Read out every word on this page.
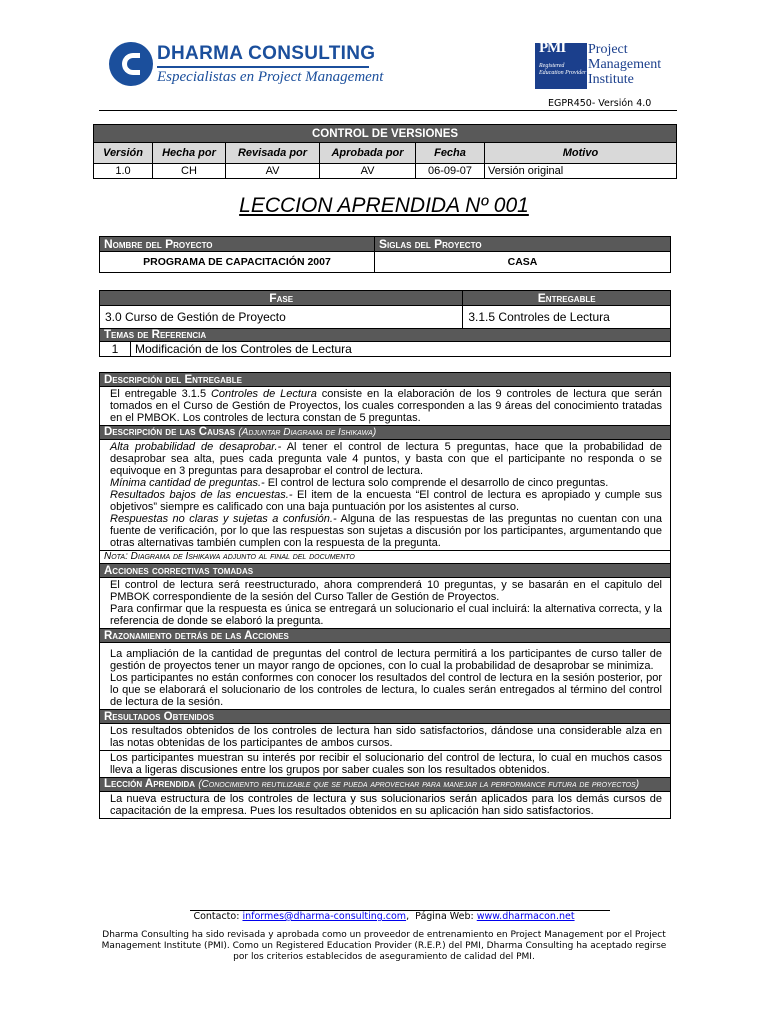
DHARMA CONSULTING
Especialistas en Project Management
PMI
Registered Education Provider
Project
Management
Institute
EGPR450- Versión 4.0
CONTROL DE VERSIONES					
Versión	Hecha por	Revisada por	Aprobada por	Fecha	Motivo
1.0	CH	AV	AV	06-09-07	Versión original
LECCION APRENDIDA Nº 001
Nombre del Proyecto	Siglas del Proyecto
PROGRAMA DE CAPACITACIÓN 2007	CASA
Fase		Entregable
3.0 Curso de Gestión de Proyecto		3.1.5 Controles de Lectura
Temas de Referencia		
1	Modificación de los Controles de Lectura	
Descripción del Entregable
El entregable 3.1.5 Controles de Lectura consiste en la elaboración de los 9 controles de lectura que serán tomados en el Curso de Gestión de Proyectos, los cuales corresponden a las 9 áreas del conocimiento tratadas en el PMBOK. Los controles de lectura constan de 5 preguntas.
Descripción de las Causas (Adjuntar Diagrama de Ishikawa)

Alta probabilidad de desaprobar.- Al tener el control de lectura 5 preguntas, hace que la probabilidad de desaprobar sea alta, pues cada pregunta vale 4 puntos, y basta con que el participante no responda o se equivoque en 3 preguntas para desaprobar el control de lectura.
Mínima cantidad de preguntas.- El control de lectura solo comprende el desarrollo de cinco preguntas.
Resultados bajos de las encuestas.- El item de la encuesta “El control de lectura es apropiado y cumple sus objetivos” siempre es calificado con una baja puntuación por los asistentes al curso.
Respuestas no claras y sujetas a confusión.- Alguna de las respuestas de las preguntas no cuentan con una fuente de verificación, por lo que las respuestas son sujetas a discusión por los participantes, argumentando que otras alternativas también cumplen con la respuesta de la pregunta.

Nota: Diagrama de Ishikawa adjunto al final del documento
Acciones correctivas tomadas

El control de lectura será reestructurado, ahora comprenderá 10 preguntas, y se basarán en el capitulo del PMBOK correspondiente de la sesión del Curso Taller de Gestión de Proyectos.
Para confirmar que la respuesta es única se entregará un solucionario el cual incluirá: la alternativa correcta, y la referencia de donde se elaboró la pregunta.

Razonamiento detrás de las Acciones

La ampliación de la cantidad de preguntas del control de lectura permitirá a los participantes de curso taller de gestión de proyectos tener un mayor rango de opciones, con lo cual la probabilidad de desaprobar se minimiza.
Los participantes no están conformes con conocer los resultados del control de lectura en la sesión posterior, por lo que se elaborará el solucionario de los controles de lectura, lo cuales serán entregados al término del control de lectura de la sesión.

Resultados Obtenidos
Los resultados obtenidos de los controles de lectura han sido satisfactorios, dándose una considerable alza en las notas obtenidas de los participantes de ambos cursos.
Los participantes muestran su interés por recibir el solucionario del control de lectura, lo cual en muchos casos lleva a ligeras discusiones entre los grupos por saber cuales son los resultados obtenidos.
Lección Aprendida (Conocimiento reutilizable que se pueda aprovechar para manejar la performance futura de proyectos)
La nueva estructura de los controles de lectura y sus solucionarios serán aplicados para los demás cursos de capacitación de la empresa. Pues los resultados obtenidos en su aplicación han sido satisfactorios.
Contacto: informes@dharma-consulting.com,  Página Web: www.dharmacon.net
Dharma Consulting ha sido revisada y aprobada como un proveedor de entrenamiento en Project Management por el Project Management Institute (PMI). Como un Registered Education Provider (R.E.P.) del PMI, Dharma Consulting ha aceptado regirse por los criterios establecidos de aseguramiento de calidad del PMI.
